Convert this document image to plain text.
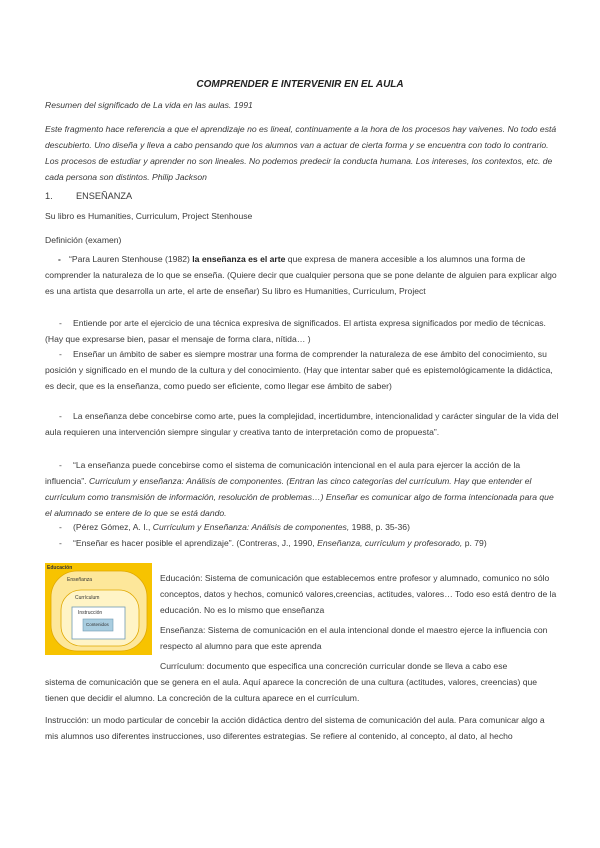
COMPRENDER E INTERVENIR EN EL AULA

Resumen del significado de La vida en las aulas. 1991

Este fragmento hace referencia a que el aprendizaje no es lineal, continuamente a la hora de los procesos hay vaivenes. No todo está descubierto. Uno diseña y lleva a cabo pensando que los alumnos van a actuar de cierta forma y se encuentra con todo lo contrario. Los procesos de estudiar y aprender no son lineales. No podemos predecir la conducta humana. Los intereses, los contextos, etc. de cada persona son distintos. Philip Jackson

1.	ENSEÑANZA

Su libro es Humanities, Curriculum, Project Stenhouse

Definición (examen)

- “Para Lauren Stenhouse (1982) la enseñanza es el arte que expresa de manera accesible a los alumnos una forma de comprender la naturaleza de lo que se enseña. (Quiere decir que cualquier persona que se pone delante de alguien para explicar algo es una artista que desarrolla un arte, el arte de enseñar) Su libro es Humanities, Curriculum, Project

- Entiende por arte el ejercicio de una técnica expresiva de significados. El artista expresa significados por medio de técnicas. (Hay que expresarse bien, pasar el mensaje de forma clara, nítida… )

- Enseñar un ámbito de saber es siempre mostrar una forma de comprender la naturaleza de ese ámbito del conocimiento, su posición y significado en el mundo de la cultura y del conocimiento. (Hay que intentar saber qué es epistemológicamente la didáctica, es decir, que es la enseñanza, como puedo ser eficiente, como llegar ese ámbito de saber)

- La enseñanza debe concebirse como arte, pues la complejidad, incertidumbre, intencionalidad y carácter singular de la vida del aula requieren una intervención siempre singular y creativa tanto de interpretación como de propuesta”.

- “La enseñanza puede concebirse como el sistema de comunicación intencional en el aula para ejercer la acción de la influencia”. Curriculum y enseñanza: Análisis de componentes. (Entran las cinco categorías del currículum. Hay que entender el currículum como transmisión de información, resolución de problemas…) Enseñar es comunicar algo de forma intencionada para que el alumnado se entere de lo que se está dando.

- (Pérez Gómez, A. I., Currículum y Enseñanza: Análisis de componentes, 1988, p. 35-36)

- “Enseñar es hacer posible el aprendizaje”. (Contreras, J., 1990, Enseñanza, currículum y profesorado, p. 79)

Educación
Enseñanza
Currículum
Instrucción
Contenidos

Educación: Sistema de comunicación que establecemos entre profesor y alumnado, comunico no sólo conceptos, datos y hechos, comunicó valores,creencias, actitudes, valores… Todo eso está dentro de la educación. No es lo mismo que enseñanza

Enseñanza: Sistema de comunicación en el aula intencional donde el maestro ejerce la influencia con respecto al alumno para que este aprenda

Currículum: documento que especifica una concreción curricular donde se lleva a cabo ese

sistema de comunicación que se genera en el aula. Aquí aparece la concreción de una cultura (actitudes, valores, creencias) que tienen que decidir el alumno. La concreción de la cultura aparece en el currículum.

Instrucción: un modo particular de concebir la acción didáctica dentro del sistema de comunicación del aula. Para comunicar algo a mis alumnos uso diferentes instrucciones, uso diferentes estrategias. Se refiere al contenido, al concepto, al dato, al hecho
